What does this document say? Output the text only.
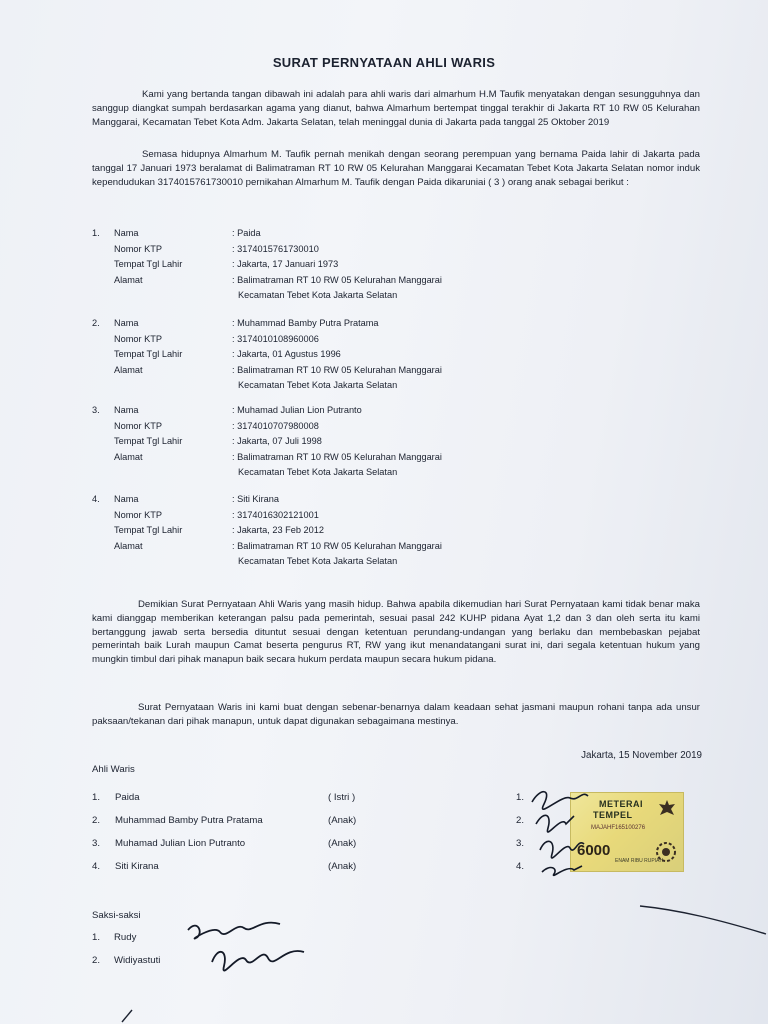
SURAT PERNYATAAN AHLI WARIS
Kami yang bertanda tangan dibawah ini adalah para ahli waris dari almarhum H.M Taufik menyatakan dengan sesungguhnya dan sanggup diangkat sumpah berdasarkan agama yang dianut, bahwa Almarhum bertempat tinggal terakhir di Jakarta RT 10 RW 05 Kelurahan Manggarai, Kecamatan Tebet Kota Adm. Jakarta Selatan, telah meninggal dunia di Jakarta pada tanggal 25 Oktober 2019
Semasa hidupnya Almarhum M. Taufik pernah menikah dengan seorang perempuan yang bernama Paida lahir di Jakarta pada tanggal 17 Januari 1973 beralamat di Balimatraman RT 10 RW 05 Kelurahan Manggarai Kecamatan Tebet Kota Jakarta Selatan nomor induk kependudukan 3174015761730010 pernikahan Almarhum M. Taufik dengan Paida dikaruniai ( 3 ) orang anak sebagai berikut :
1.	Nama	: Paida
Nomor KTP	: 3174015761730010
Tempat Tgl Lahir	: Jakarta, 17 Januari 1973
Alamat	: Balimatraman RT 10 RW 05 Kelurahan Manggarai
Kecamatan Tebet Kota Jakarta Selatan
2.	Nama	: Muhammad Bamby Putra Pratama
Nomor KTP	: 3174010108960006
Tempat Tgl Lahir	: Jakarta, 01 Agustus 1996
Alamat	: Balimatraman RT 10 RW 05 Kelurahan Manggarai
Kecamatan Tebet Kota Jakarta Selatan
3.	Nama	: Muhamad Julian Lion Putranto
Nomor KTP	: 3174010707980008
Tempat Tgl Lahir	: Jakarta, 07 Juli 1998
Alamat	: Balimatraman RT 10 RW 05 Kelurahan Manggarai
Kecamatan Tebet Kota Jakarta Selatan
4.	Nama	: Siti Kirana
Nomor KTP	: 3174016302121001
Tempat Tgl Lahir	: Jakarta, 23 Feb 2012
Alamat	: Balimatraman RT 10 RW 05 Kelurahan Manggarai
Kecamatan Tebet Kota Jakarta Selatan
Demikian Surat Pernyataan Ahli Waris yang masih hidup. Bahwa apabila dikemudian hari Surat Pernyataan kami tidak benar maka kami dianggap memberikan keterangan palsu pada pemerintah, sesuai pasal 242 KUHP pidana Ayat 1,2 dan 3 dan oleh serta itu kami bertanggung jawab serta bersedia dituntut sesuai dengan ketentuan perundang-undangan yang berlaku dan membebaskan pejabat pemerintah baik Lurah maupun Camat beserta pengurus RT, RW yang ikut menandatangani surat ini, dari segala ketentuan hukum yang mungkin timbul dari pihak manapun baik secara hukum perdata maupun secara hukum pidana.
Surat Pernyataan Waris ini kami buat dengan sebenar-benarnya dalam keadaan sehat jasmani maupun rohani tanpa ada unsur paksaan/tekanan dari pihak manapun, untuk dapat digunakan sebagaimana mestinya.
Jakarta, 15 November 2019
Ahli Waris
1. Paida	( Istri )
2. Muhammad Bamby Putra Pratama	(Anak)
3. Muhamad Julian Lion Putranto	(Anak)
4. Siti Kirana	(Anak)
1.
2.
3.
4.
METERAI
TEMPEL
MAJAHF165100276
6000
ENAM RIBU RUPIAH
Saksi-saksi
1. Rudy
2. Widiyastuti
